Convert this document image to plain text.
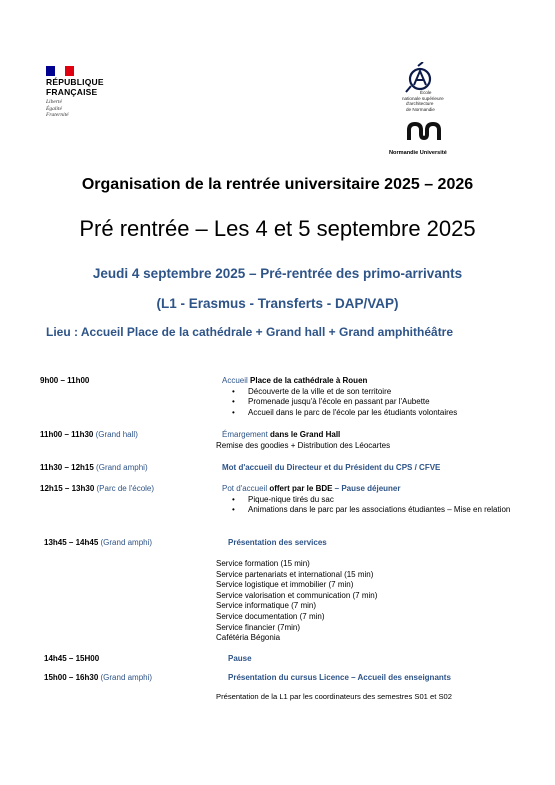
RÉPUBLIQUE
FRANÇAISE
Liberté
Égalité
Fraternité
École
nationale supérieure
d'architecture
de Normandie
Normandie Université
Organisation de la rentrée universitaire 2025 – 2026
Pré rentrée – Les 4 et 5 septembre 2025
Jeudi 4 septembre 2025 – Pré-rentrée des primo-arrivants
(L1 - Erasmus - Transferts - DAP/VAP)
Lieu : Accueil Place de la cathédrale + Grand hall + Grand amphithéâtre
9h00 – 11h00	Accueil Place de la cathédrale à Rouen
• Découverte de la ville et de son territoire
• Promenade jusqu'à l'école en passant par l'Aubette
• Accueil dans le parc de l'école par les étudiants volontaires
11h00 – 11h30 (Grand hall)	Émargement dans le Grand Hall
Remise des goodies + Distribution des Léocartes
11h30 – 12h15 (Grand amphi)	Mot d'accueil du Directeur et du Président du CPS / CFVE
12h15 – 13h30 (Parc de l'école)	Pot d'accueil offert par le BDE – Pause déjeuner
• Pique-nique tirés du sac
• Animations dans le parc par les associations étudiantes – Mise en relation
13h45 – 14h45 (Grand amphi)	Présentation des services
Service formation (15 min)
Service partenariats et international (15 min)
Service logistique et immobilier (7 min)
Service valorisation et communication (7 min)
Service informatique (7 min)
Service documentation (7 min)
Service financier (7min)
Cafétéria Bégonia
14h45 – 15H00	Pause
15h00 – 16h30 (Grand amphi)	Présentation du cursus Licence – Accueil des enseignants
Présentation de la L1 par les coordinateurs des semestres S01 et S02
